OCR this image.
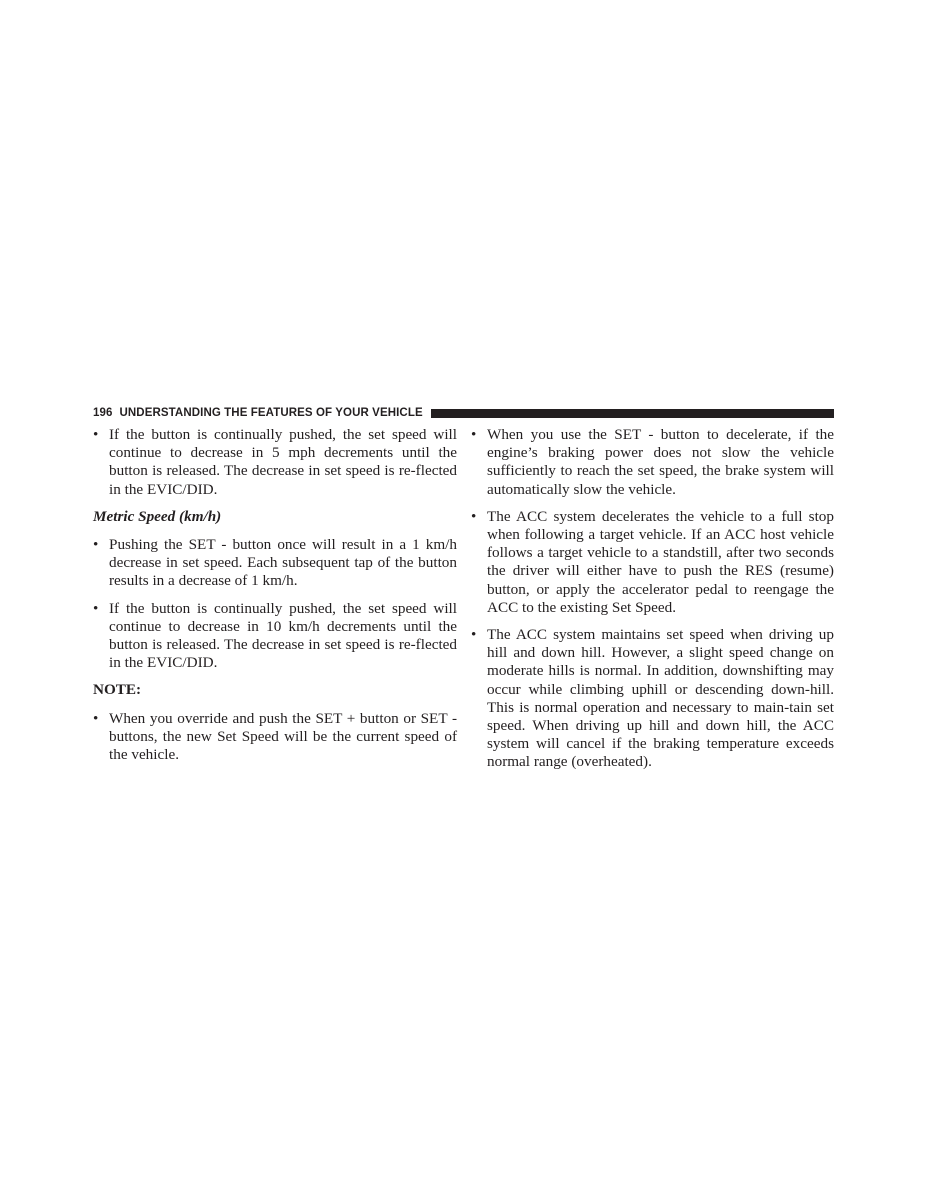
196 UNDERSTANDING THE FEATURES OF YOUR VEHICLE

• If the button is continually pushed, the set speed will continue to decrease in 5 mph decrements until the button is released. The decrease in set speed is re-flected in the EVIC/DID.

Metric Speed (km/h)

• Pushing the SET - button once will result in a 1 km/h decrease in set speed. Each subsequent tap of the button results in a decrease of 1 km/h.

• If the button is continually pushed, the set speed will continue to decrease in 10 km/h decrements until the button is released. The decrease in set speed is re-flected in the EVIC/DID.

NOTE:

• When you override and push the SET + button or SET - buttons, the new Set Speed will be the current speed of the vehicle.

• When you use the SET - button to decelerate, if the engine’s braking power does not slow the vehicle sufficiently to reach the set speed, the brake system will automatically slow the vehicle.

• The ACC system decelerates the vehicle to a full stop when following a target vehicle. If an ACC host vehicle follows a target vehicle to a standstill, after two seconds the driver will either have to push the RES (resume) button, or apply the accelerator pedal to reengage the ACC to the existing Set Speed.

• The ACC system maintains set speed when driving up hill and down hill. However, a slight speed change on moderate hills is normal. In addition, downshifting may occur while climbing uphill or descending down-hill. This is normal operation and necessary to main-tain set speed. When driving up hill and down hill, the ACC system will cancel if the braking temperature exceeds normal range (overheated).
